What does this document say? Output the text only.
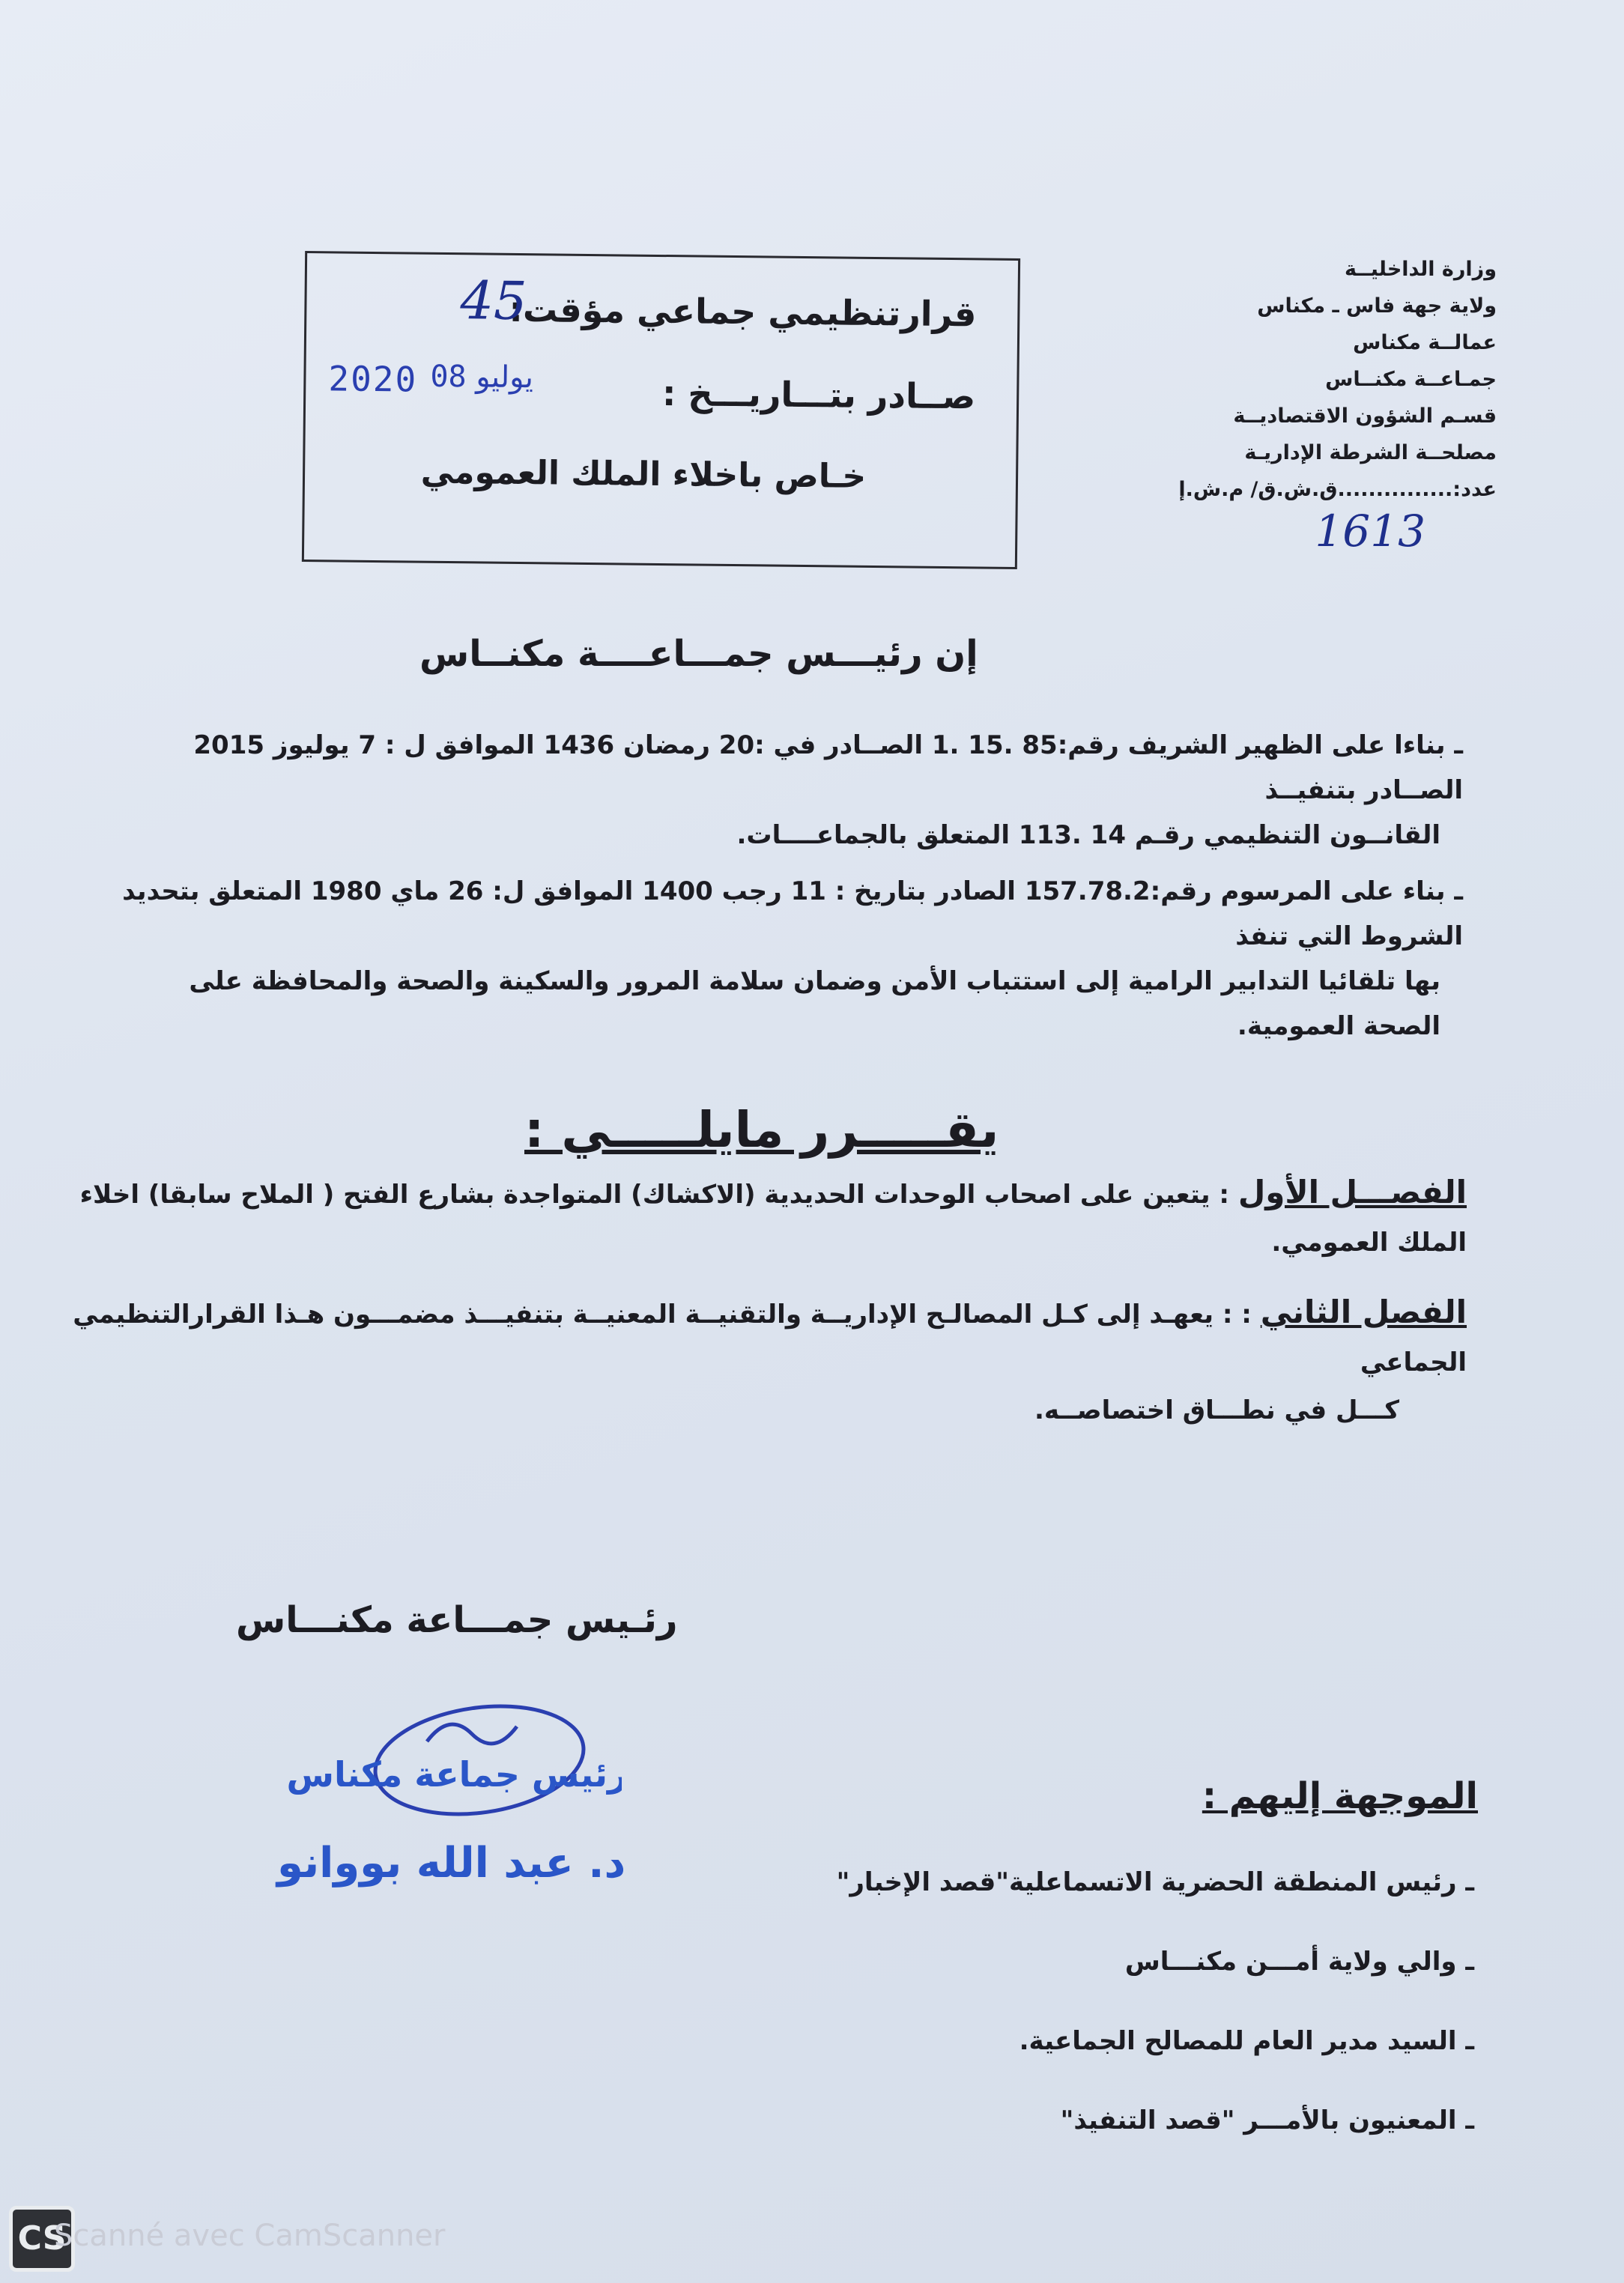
وزارة الداخليــة
ولاية جهة فاس ـ مكناس
عمالــة مكناس
جمـاعــة مكنــاس
قسـم الشؤون الاقتصاديــة
مصلحــة الشرطة الإداريـة
عدد:...............ق.ش.ق/ م.ش.إ
1613
قرارتنظيمي جماعي مؤقت:
45
صــادر بتـــاريـــخ :
2020	يوليو 08
خـاص باخلاء الملك العمومي
إن رئيـــس جمـــاعــــة مكنــاس
ـ بناءا على الظهير الشريف رقم:85 .15 .1 الصــادر في :20 رمضان 1436 الموافق ل : 7 يوليوز 2015 الصــادر بتنفيــذ
القانــون التنظيمي رقـم 14 .113 المتعلق بالجماعــــات.
ـ بناء على المرسوم رقم:157.78.2 الصادر بتاريخ : 11 رجب 1400 الموافق ل: 26 ماي 1980 المتعلق بتحديد الشروط التي تنفذ
بها تلقائيا التدابير الرامية إلى استتباب الأمن وضمان سلامة المرور والسكينة والصحة والمحافظة على الصحة العمومية.
يقـــــرر مايلـــــي :
الفصـــل الأول : يتعين على اصحاب الوحدات الحديدية (الاكشاك) المتواجدة بشارع الفتح ( الملاح سابقا) اخلاء الملك العمومي.
الفصل الثاني : : يعهـد إلى كـل المصالـح الإداريــة والتقنيــة المعنيــة بتنفيـــذ مضمـــون هـذا القرارالتنظيمي الجماعي
كـــل في نطـــاق اختصاصــه.
رئـيس جمـــاعة مكنـــاس
رئيس جماعة مكناس
د. عبد الله بووانو
الموجهة إليهم :
ـ رئيس المنطقة الحضرية الاتسماعلية"قصد الإخبار"
ـ والي ولاية أمـــن مكنـــاس
ـ السيد مدير العام للمصالح الجماعية.
ـ المعنيون بالأمـــر "قصد التنفيذ"
CS
Scanné avec CamScanner
